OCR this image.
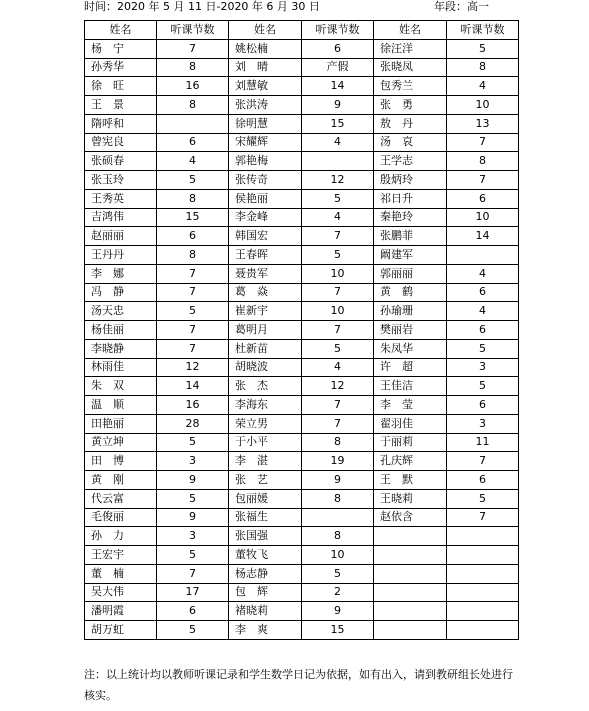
时间：2020 年 5 月 11 日-2020 年 6 月 30 日	年段：高一
姓名	听课节数	姓名	听课节数	姓名	听课节数
杨　宁	7	姚松楠	6	徐汪洋	5
孙秀华	8	刘　晴	产假	张晓凤	8
徐　旺	16	刘慧敏	14	包秀兰	4
王　景	8	张洪涛	9	张　勇	10
隋呼和		徐明慧	15	敖　丹	13
曾宪良	6	宋耀辉	4	汤　哀	7
张硕春	4	郭艳梅		王学志	8
张玉玲	5	张传奇	12	殷炳玲	7
王秀英	8	侯艳丽	5	祁日升	6
吉鸿伟	15	李金峰	4	秦艳玲	10
赵丽丽	6	韩国宏	7	张鹏菲	14
王丹丹	8	王春晖	5	阚建军	
李　娜	7	聂贵军	10	郭丽丽	4
冯　静	7	葛　焱	7	黄　鹤	6
汤天忠	5	崔新宇	10	孙瑜珊	4
杨佳丽	7	葛明月	7	樊丽岩	6
李晓静	7	杜新苗	5	朱凤华	5
林雨佳	12	胡晓波	4	许　超	3
朱　双	14	张　杰	12	王佳洁	5
温　顺	16	李海东	7	李　莹	6
田艳丽	28	荣立男	7	翟羽佳	3
黄立坤	5	于小平	8	于丽莉	11
田　博	3	李　湛	19	孔庆辉	7
黄　刚	9	张　艺	9	王　默	6
代云富	5	包丽媛	8	王晓莉	5
毛俊丽	9	张福生		赵依含	7
孙　力	3	张国强	8		
王宏宇	5	董牧飞	10		
董　楠	7	杨志静	5		
吴大伟	17	包　辉	2		
潘明霞	6	褚晓莉	9		
胡万虹	5	李　爽	15		
注：以上统计均以教师听课记录和学生数学日记为依据，如有出入，请到教研组长处进行核实。
